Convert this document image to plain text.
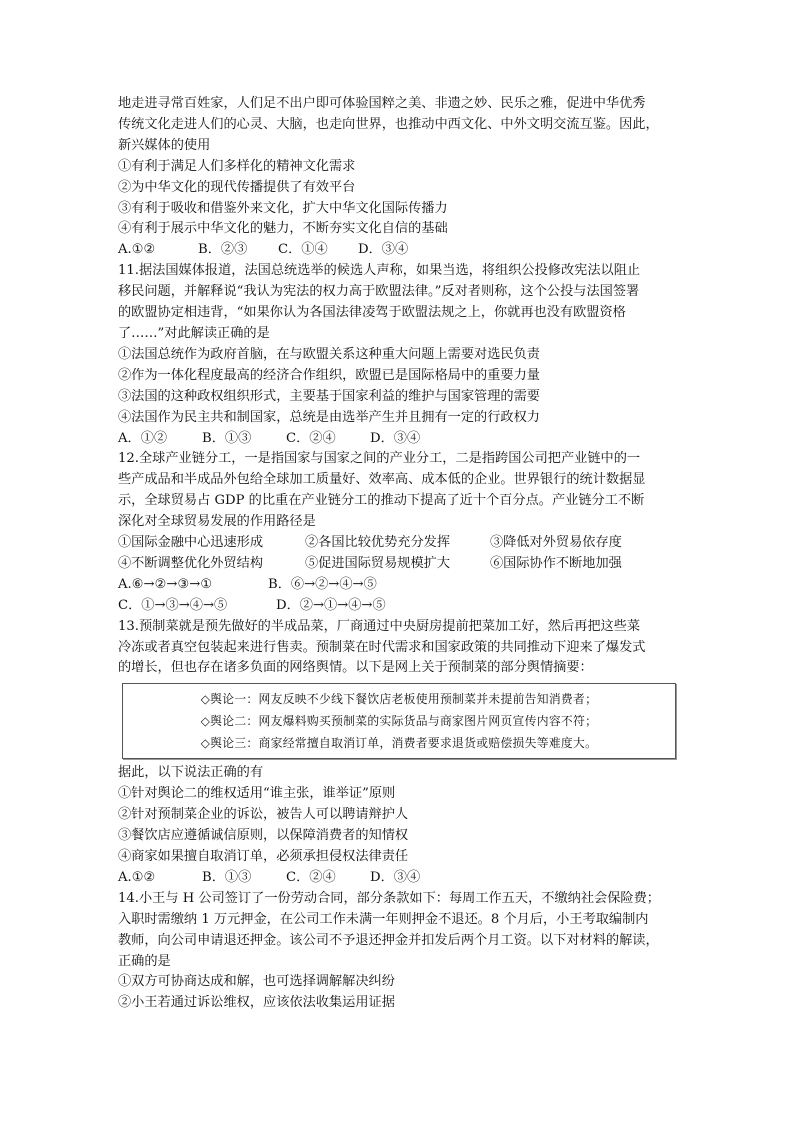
地走进寻常百姓家，人们足不出户即可体验国粹之美、非遗之妙、民乐之雅，促进中华优秀
传统文化走进人们的心灵、大脑，也走向世界，也推动中西文化、中外文明交流互鉴。因此，
新兴媒体的使用
①有利于满足人们多样化的精神文化需求
②为中华文化的现代传播提供了有效平台
③有利于吸收和借鉴外来文化，扩大中华文化国际传播力
④有利于展示中华文化的魅力，不断夯实文化自信的基础
A.①②	B．②③	C．①④	D．③④
11.据法国媒体报道，法国总统选举的候选人声称，如果当选，将组织公投修改宪法以阻止
移民问题，并解释说“我认为宪法的权力高于欧盟法律。”反对者则称，这个公投与法国签署
的欧盟协定相违背，“如果你认为各国法律凌驾于欧盟法规之上，你就再也没有欧盟资格
了……”对此解读正确的是
①法国总统作为政府首脑，在与欧盟关系这种重大问题上需要对选民负责
②作为一体化程度最高的经济合作组织，欧盟已是国际格局中的重要力量
③法国的这种政权组织形式，主要基于国家利益的维护与国家管理的需要
④法国作为民主共和制国家，总统是由选举产生并且拥有一定的行政权力
A．①②	B．①③	C．②④	D．③④
12.全球产业链分工，一是指国家与国家之间的产业分工，二是指跨国公司把产业链中的一
些产成品和半成品外包给全球加工质量好、效率高、成本低的企业。世界银行的统计数据显
示，全球贸易占 GDP 的比重在产业链分工的推动下提高了近十个百分点。产业链分工不断
深化对全球贸易发展的作用路径是
①国际金融中心迅速形成	②各国比较优势充分发挥	③降低对外贸易依存度
④不断调整优化外贸结构	⑤促进国际贸易规模扩大	⑥国际协作不断地加强
A.⑥→②→③→①	B．⑥→②→④→⑤
C．①→③→④→⑤	D．②→①→④→⑤
13.预制菜就是预先做好的半成品菜，厂商通过中央厨房提前把菜加工好，然后再把这些菜
冷冻或者真空包装起来进行售卖。预制菜在时代需求和国家政策的共同推动下迎来了爆发式
的增长，但也存在诸多负面的网络舆情。以下是网上关于预制菜的部分舆情摘要：
◇舆论一：网友反映不少线下餐饮店老板使用预制菜并未提前告知消费者；
◇舆论二：网友爆料购买预制菜的实际货品与商家图片网页宣传内容不符；
◇舆论三：商家经常擅自取消订单，消费者要求退货或赔偿损失等难度大。
据此，以下说法正确的有
①针对舆论二的维权适用“谁主张，谁举证”原则
②针对预制菜企业的诉讼，被告人可以聘请辩护人
③餐饮店应遵循诚信原则，以保障消费者的知情权
④商家如果擅自取消订单，必须承担侵权法律责任
A.①②	B．①③	C．②④	D．③④
14.小王与 H 公司签订了一份劳动合同，部分条款如下：每周工作五天，不缴纳社会保险费；
入职时需缴纳 1 万元押金，在公司工作未满一年则押金不退还。8 个月后，小王考取编制内
教师，向公司申请退还押金。该公司不予退还押金并扣发后两个月工资。以下对材料的解读，
正确的是
①双方可协商达成和解，也可选择调解解决纠纷
②小王若通过诉讼维权，应该依法收集运用证据
